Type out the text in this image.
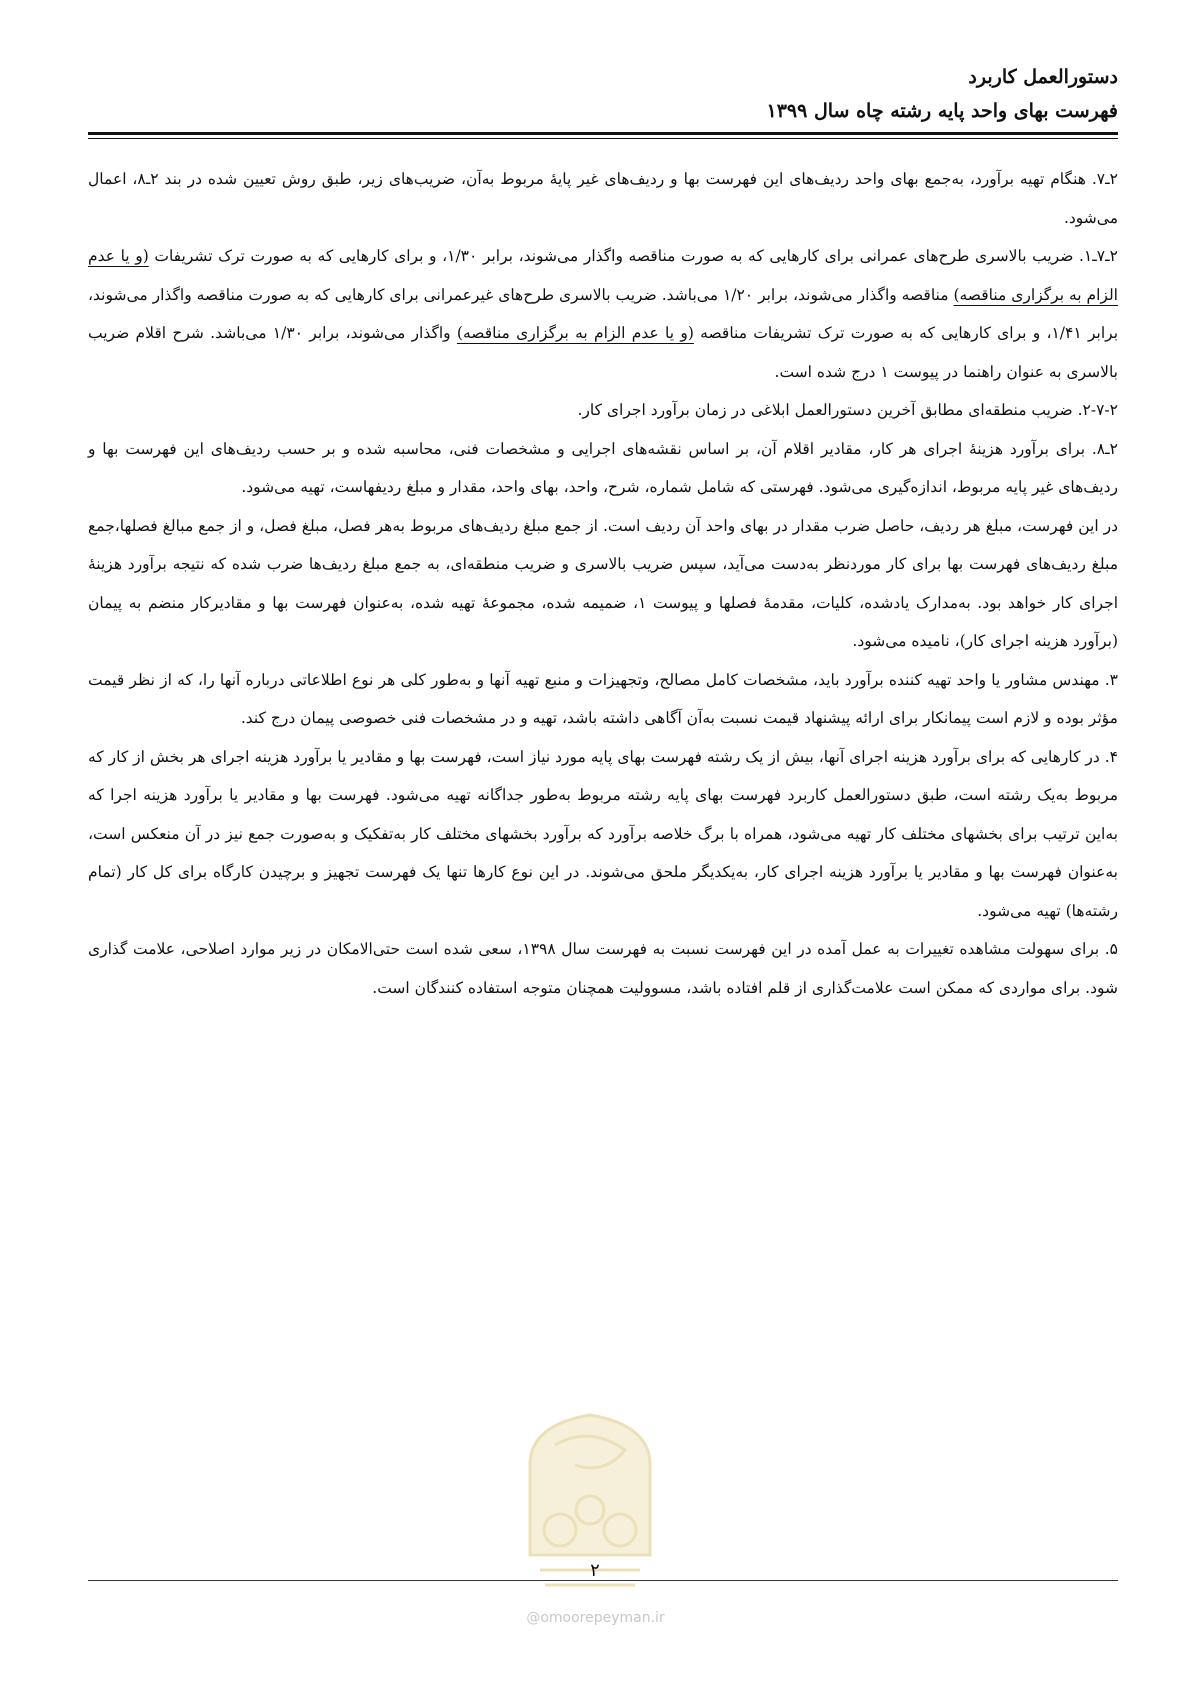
دستورالعمل کاربرد
فهرست بهای واحد پایه رشته چاه سال ۱۳۹۹

۲ـ۷. هنگام تهیه برآورد، به‌جمع بهای واحد ردیف‌های این فهرست بها و ردیف‌های غیر پایهٔ مربوط به‌آن، ضریب‌های زیر، طبق روش تعیین شده در بند ۲ـ۸، اعمال می‌شود.

۲ـ۷ـ۱. ضریب بالاسری طرح‌های عمرانی برای کارهایی که به صورت مناقصه واگذار می‌شوند، برابر ۱/۳۰، و برای کارهایی که به صورت ترک تشریفات (و یا عدم الزام به برگزاری مناقصه) مناقصه واگذار می‌شوند، برابر ۱/۲۰ می‌باشد. ضریب بالاسری طرح‌های غیرعمرانی برای کارهایی که به صورت مناقصه واگذار می‌شوند، برابر ۱/۴۱، و برای کارهایی که به صورت ترک تشریفات مناقصه (و یا عدم الزام به برگزاری مناقصه) واگذار می‌شوند، برابر ۱/۳۰ می‌باشد. شرح اقلام ضریب بالاسری به عنوان راهنما در پیوست ۱ درج شده است.

۲-۷-۲. ضریب منطقه‌ای مطابق آخرین دستورالعمل ابلاغی در زمان برآورد اجرای کار.

۲ـ۸. برای برآورد هزینهٔ اجرای هر کار، مقادیر اقلام آن، بر اساس نقشه‌های اجرایی و مشخصات فنی، محاسبه شده و بر حسب ردیف‌های این فهرست بها و ردیف‌های غیر پایه مربوط، اندازه‌گیری می‌شود. فهرستی که شامل شماره، شرح، واحد، بهای واحد، مقدار و مبلغ ردیفهاست، تهیه می‌شود.

در این فهرست، مبلغ هر ردیف، حاصل ضرب مقدار در بهای واحد آن ردیف است. از جمع مبلغ ردیف‌های مربوط به‌هر فصل، مبلغ فصل، و از جمع مبالغ فصلها،جمع مبلغ ردیف‌های فهرست بها برای کار موردنظر به‌دست می‌آید، سپس ضریب بالاسری و ضریب منطقه‌ای، به جمع مبلغ ردیف‌ها ضرب شده که نتیجه برآورد هزینهٔ اجرای کار خواهد بود. به‌مدارک یادشده، کلیات، مقدمهٔ فصلها و پیوست ۱، ضمیمه شده، مجموعهٔ تهیه شده، به‌عنوان فهرست بها و مقادیرکار منضم به پیمان (برآورد هزینه اجرای کار)، نامیده می‌شود.

۳. مهندس مشاور یا واحد تهیه کننده برآورد باید، مشخصات کامل مصالح، وتجهیزات و منبع تهیه آنها و به‌طور کلی هر نوع اطلاعاتی درباره آنها را، که از نظر قیمت مؤثر بوده و لازم است پیمانکار برای ارائه پیشنهاد قیمت نسبت به‌آن آگاهی داشته باشد، تهیه و در مشخصات فنی خصوصی پیمان درج کند.

۴. در کارهایی که برای برآورد هزینه اجرای آنها، بیش از یک رشته فهرست بهای پایه مورد نیاز است، فهرست بها و مقادیر یا برآورد هزینه اجرای هر بخش از کار که مربوط به‌یک رشته است، طبق دستورالعمل کاربرد فهرست بهای پایه رشته مربوط به‌طور جداگانه تهیه می‌شود. فهرست بها و مقادیر یا برآورد هزینه اجرا که به‌این ترتیب برای بخشهای مختلف کار تهیه می‌شود، همراه با برگ خلاصه برآورد که برآورد بخشهای مختلف کار به‌تفکیک و به‌صورت جمع نیز در آن منعکس است، به‌عنوان فهرست بها و مقادیر یا برآورد هزینه اجرای کار، به‌یکدیگر ملحق می‌شوند. در این نوع کارها تنها یک فهرست تجهیز و برچیدن کارگاه برای کل کار (تمام رشته‌ها) تهیه می‌شود.

۵. برای سهولت مشاهده تغییرات به عمل آمده در این فهرست نسبت به فهرست سال ۱۳۹۸، سعی شده است حتی‌الامکان در زیر موارد اصلاحی، علامت گذاری شود. برای مواردی که ممکن است علامت‌گذاری از قلم افتاده باشد، مسوولیت همچنان متوجه استفاده کنندگان است.

۲
@omoorepeyman.ir
